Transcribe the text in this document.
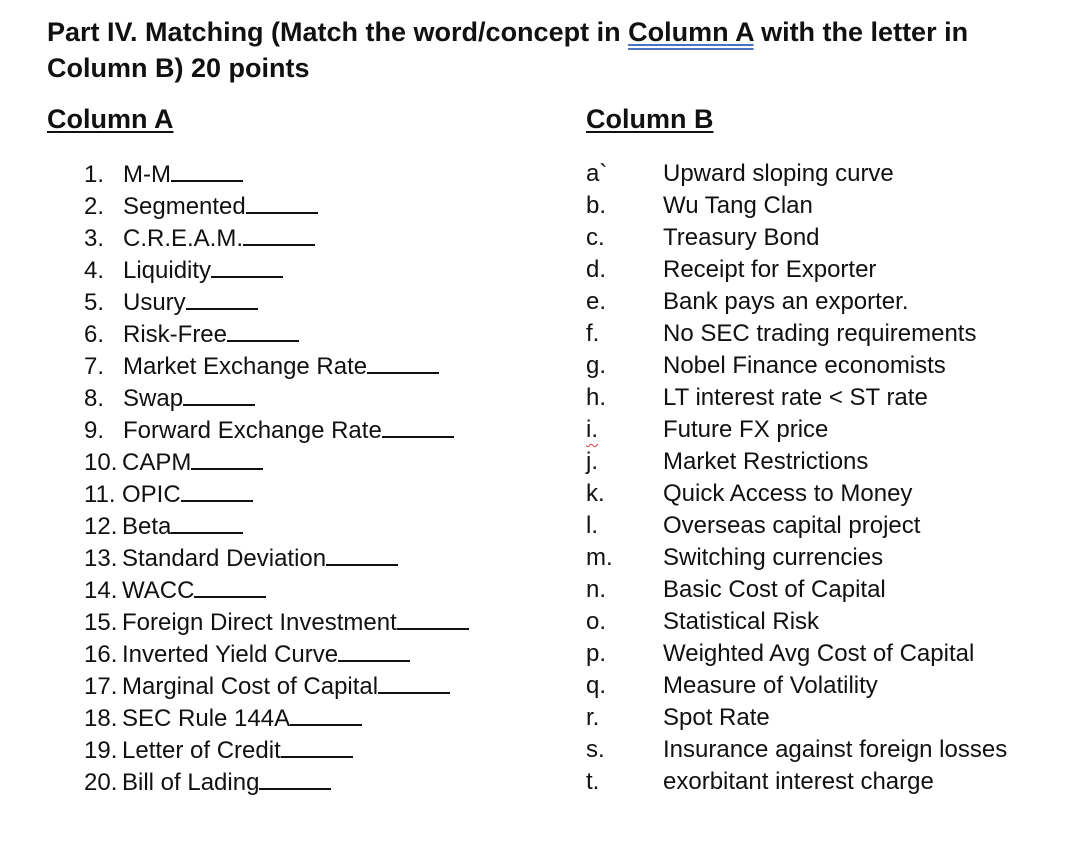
Part IV. Matching (Match the word/concept in Column A with the letter in Column B) 20 points
Column A	Column B
1. M-M
2. Segmented
3. C.R.E.A.M.
4. Liquidity
5. Usury
6. Risk-Free
7. Market Exchange Rate
8. Swap
9. Forward Exchange Rate
10. CAPM
11. OPIC
12. Beta
13. Standard Deviation
14. WACC
15. Foreign Direct Investment
16. Inverted Yield Curve
17. Marginal Cost of Capital
18. SEC Rule 144A
19. Letter of Credit
20. Bill of Lading
a`	Upward sloping curve
b.	Wu Tang Clan
c.	Treasury Bond
d.	Receipt for Exporter
e.	Bank pays an exporter.
f.	No SEC trading requirements
g.	Nobel Finance economists
h.	LT interest rate < ST rate
i.	Future FX price
j.	Market Restrictions
k.	Quick Access to Money
l.	Overseas capital project
m.	Switching currencies
n.	Basic Cost of Capital
o.	Statistical Risk
p.	Weighted Avg Cost of Capital
q.	Measure of Volatility
r.	Spot Rate
s.	Insurance against foreign losses
t.	exorbitant interest charge
